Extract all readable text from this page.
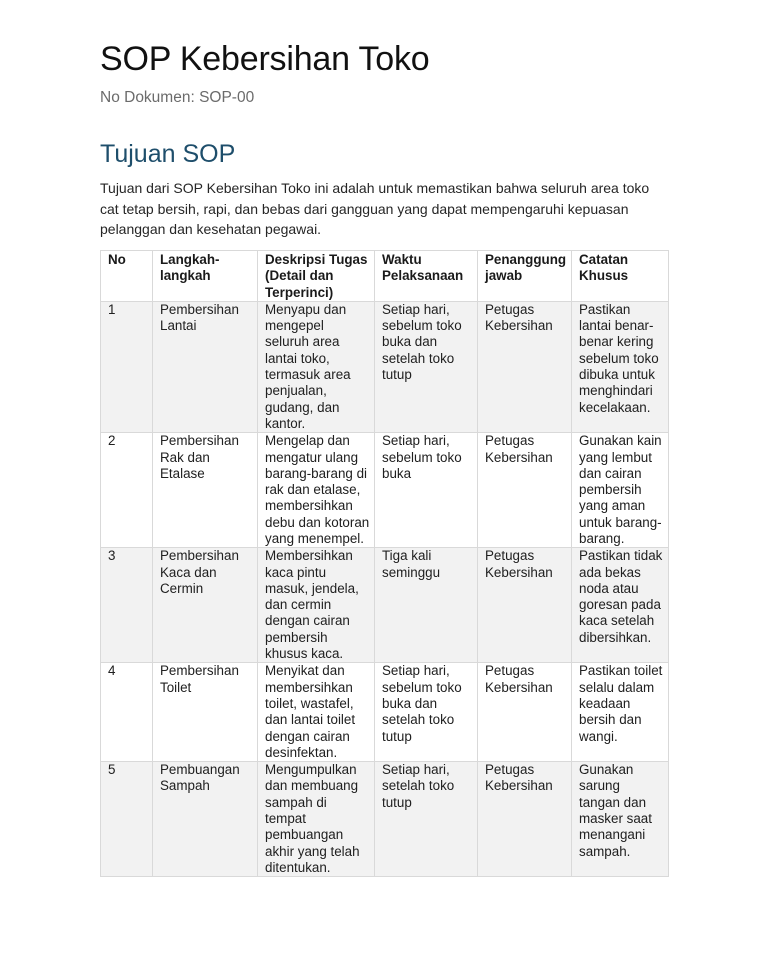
SOP Kebersihan Toko
No Dokumen: SOP-00
Tujuan SOP
Tujuan dari SOP Kebersihan Toko ini adalah untuk memastikan bahwa seluruh area toko cat tetap bersih, rapi, dan bebas dari gangguan yang dapat mempengaruhi kepuasan pelanggan dan kesehatan pegawai.
No	Langkah-langkah	Deskripsi Tugas (Detail dan Terperinci)	Waktu Pelaksanaan	Penanggung jawab	Catatan Khusus
1	Pembersihan Lantai	Menyapu dan mengepel seluruh area lantai toko, termasuk area penjualan, gudang, dan kantor.	Setiap hari, sebelum toko buka dan setelah toko tutup	Petugas Kebersihan	Pastikan lantai benar-benar kering sebelum toko dibuka untuk menghindari kecelakaan.
2	Pembersihan Rak dan Etalase	Mengelap dan mengatur ulang barang-barang di rak dan etalase, membersihkan debu dan kotoran yang menempel.	Setiap hari, sebelum toko buka	Petugas Kebersihan	Gunakan kain yang lembut dan cairan pembersih yang aman untuk barang-barang.
3	Pembersihan Kaca dan Cermin	Membersihkan kaca pintu masuk, jendela, dan cermin dengan cairan pembersih khusus kaca.	Tiga kali seminggu	Petugas Kebersihan	Pastikan tidak ada bekas noda atau goresan pada kaca setelah dibersihkan.
4	Pembersihan Toilet	Menyikat dan membersihkan toilet, wastafel, dan lantai toilet dengan cairan desinfektan.	Setiap hari, sebelum toko buka dan setelah toko tutup	Petugas Kebersihan	Pastikan toilet selalu dalam keadaan bersih dan wangi.
5	Pembuangan Sampah	Mengumpulkan dan membuang sampah di tempat pembuangan akhir yang telah ditentukan.	Setiap hari, setelah toko tutup	Petugas Kebersihan	Gunakan sarung tangan dan masker saat menangani sampah.
